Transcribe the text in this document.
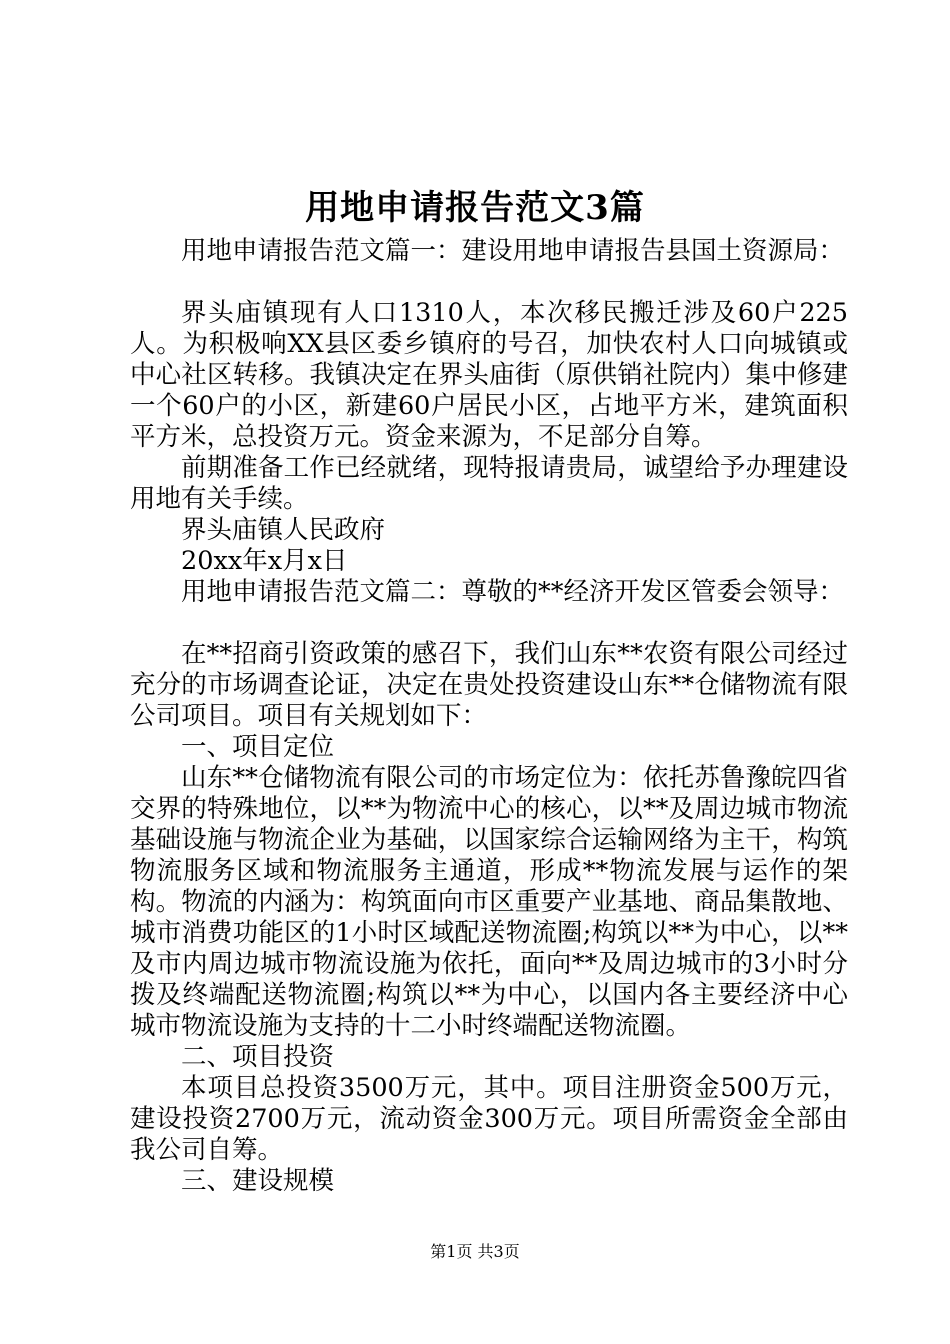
用地申请报告范文3篇

用地申请报告范文篇一：建设用地申请报告县国土资源局：

界头庙镇现有人口1310人，本次移民搬迁涉及60户225人。为积极响XX县区委乡镇府的号召，加快农村人口向城镇或中心社区转移。我镇决定在界头庙街（原供销社院内）集中修建一个60户的小区，新建60户居民小区，占地平方米，建筑面积平方米，总投资万元。资金来源为，不足部分自筹。

前期准备工作已经就绪，现特报请贵局，诚望给予办理建设用地有关手续。

界头庙镇人民政府

20xx年x月x日

用地申请报告范文篇二：尊敬的**经济开发区管委会领导：

在**招商引资政策的感召下，我们山东**农资有限公司经过充分的市场调查论证，决定在贵处投资建设山东**仓储物流有限公司项目。项目有关规划如下：

一、项目定位

山东**仓储物流有限公司的市场定位为：依托苏鲁豫皖四省交界的特殊地位，以**为物流中心的核心，以**及周边城市物流基础设施与物流企业为基础，以国家综合运输网络为主干，构筑物流服务区域和物流服务主通道，形成**物流发展与运作的架构。物流的内涵为：构筑面向市区重要产业基地、商品集散地、城市消费功能区的1小时区域配送物流圈;构筑以**为中心，以**及市内周边城市物流设施为依托，面向**及周边城市的3小时分拨及终端配送物流圈;构筑以**为中心，以国内各主要经济中心城市物流设施为支持的十二小时终端配送物流圈。

二、项目投资

本项目总投资3500万元，其中。项目注册资金500万元，建设投资2700万元，流动资金300万元。项目所需资金全部由我公司自筹。

三、建设规模

第1页 共3页
